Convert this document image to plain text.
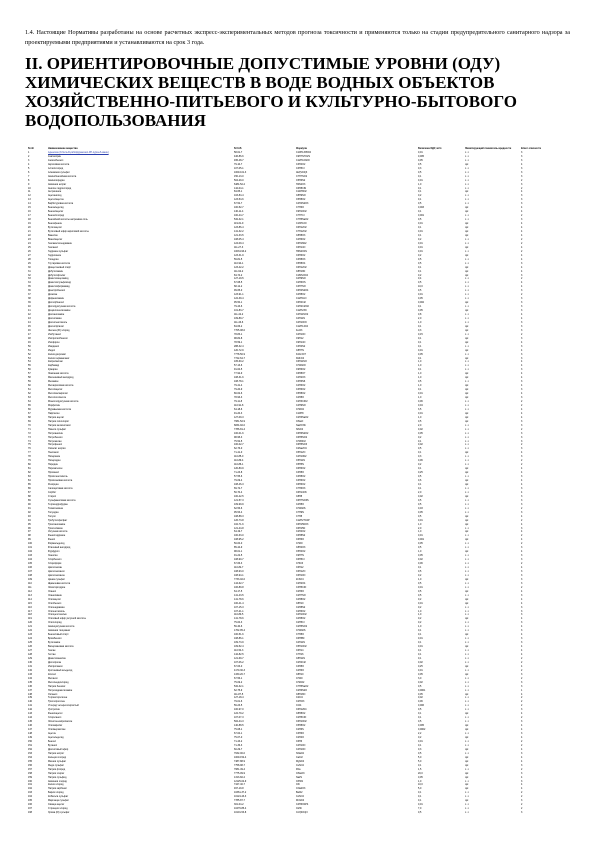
1.4. Настоящие Нормативы разработаны на основе расчетных экспресс-экспериментальных методов прогноза токсичности и применяются только на стадии предупредительного санитарного надзора за проектируемыми предприятиями и устанавливаются на срок 3 года.

II. ОРИЕНТИРОВОЧНЫЕ ДОПУСТИМЫЕ УРОВНИ (ОДУ) ХИМИЧЕСКИХ ВЕЩЕСТВ В ВОДЕ ВОДНЫХ ОБЪЕКТОВ ХОЗЯЙСТВЕННО-ПИТЬЕВОГО И КУЛЬТУРНО-БЫТОВОГО ВОДОПОЛЬЗОВАНИЯ
N п/п	Наименование вещества	N CAS	Формула	Величина ОДУ, мг/л	Лимитирующий показатель вредности	Класс опасности
1	Аденозин (9-бета-D-рибофуранозил-9H-пурин-6-амин)	58-61-7	C10H13N5O4	0,01	с.-т.	3
2	Азатиоприн	446-86-6	C9H7N7O2S	0,005	с.-т.	3
3	Азоксибензол	495-48-7	C12H10N2O	0,05	с.-т.	3
4	Акриловая кислота	79-10-7	C3H4O2	0,5	орг.	4
5	Аллилхлорид	107-05-1	C3H5Cl	0,3	с.-т.	3
6	Алюминия сульфат	10043-01-3	Al2(SO4)3	0,5	с.-т.	3
7	Аминобензойная кислота	150-13-0	C7H7NO2	0,1	с.-т.	3
8	Аминопиридин	504-29-0	C5H6N2	0,01	с.-т.	2
9	Аммония нитрат	6484-52-2	H4N2O3	1,0	с.-т.	3
10	Анилин гидрохлорид	142-04-1	C6H8ClN	0,1	с.-т.	2
11	Антрахинон	84-65-1	C14H8O2	0,1	орг.	4
12	Ацетанилид	103-84-4	C8H9NO	0,2	с.-т.	3
13	Ацетилацетон	123-54-6	C5H8O2	0,1	с.-т.	3
14	Барбитуровая кислота	67-52-7	C4H4N2O3	0,5	с.-т.	3
15	Бензальдегид	100-52-7	C7H6O	0,003	орг.	4
16	Бензилацетат	140-11-4	C9H10O2	0,1	орг.	4
17	Бензилхлорид	100-44-7	C7H7Cl	0,001	с.-т.	2
18	Бензойной кислоты натриевая соль	532-32-1	C7H5NaO2	0,5	с.-т.	3
19	Бензофенон	119-61-9	C13H10O	0,01	орг.	4
20	Бутилацетат	123-86-4	C6H12O2	0,1	орг.	4
21	Бутиловый эфир акриловой кислоты	141-32-2	C7H12O2	0,01	орг.	4
22	Ванилин	121-33-5	C8H8O3	0,1	орг.	4
23	Винилацетат	108-05-4	C4H6O2	0,2	с.-т.	2
24	Гексаметилендиамин	124-09-4	C6H16N2	0,01	с.-т.	2
25	Гексанол	111-27-3	C6H14O	0,01	орг.	4
26	Гидразин сульфат	10034-93-2	H6N2O4S	0,01	с.-т.	2
27	Гидрохинон	123-31-9	C6H6O2	0,2	орг.	4
28	Глицерин	56-81-5	C3H8O3	0,5	с.-т.	4
29	Глутаровая кислота	110-94-1	C5H8O4	0,5	с.-т.	3
30	Диацетоновый спирт	123-42-2	C6H12O2	0,1	орг.	4
31	Дибутиламин	111-92-2	C8H19N	0,1	орг.	4
32	Дибутилфталат	84-74-2	C16H22O4	0,2	орг.	3
33	Диметилацетамид	127-19-5	C4H9NO	0,4	с.-т.	2
34	Диметилсульфоксид	67-68-5	C2H6OS	0,5	с.-т.	4
35	Диметилформамид	68-12-2	C3H7NO	10,0	с.-т.	4
36	Динитробензол	99-65-0	C6H4N2O4	0,5	с.-т.	3
37	Диоксан	123-91-1	C4H8O2	0,01	с.-т.	2
38	Дифениламин	122-39-4	C12H11N	0,05	с.-т.	3
39	Дихлорбензол	95-50-1	C6H4Cl2	0,002	орг.	3
40	Дихлоруксусная кислота	79-43-6	C2H2Cl2O2	0,1	с.-т.	3
41	Дициклогексиламин	101-83-7	C12H23N	0,05	орг.	3
42	Диэтаноламин	111-42-2	C4H11NO2	0,8	с.-т.	4
43	Диэтиламин	109-89-7	C4H11N	2,0	с.-т.	4
44	Диэтиленгликоль	111-46-6	C4H10O3	1,0	с.-т.	3
45	Диэтилфталат	84-66-2	C12H14O4	0,1	орг.	3
46	Железа (III) хлорид	7705-08-0	FeCl3	0,3	орг.	3
47	Изобутанол	78-83-1	C4H10O	0,15	с.-т.	2
48	Изопропилбензол	98-82-8	C9H12	0,1	орг.	3
49	Изофорон	78-59-1	C9H14O	0,1	орг.	4
50	Имидазол	288-32-4	C3H4N2	0,1	с.-т.	3
51	Индол	120-72-9	C8H7N	0,01	орг.	4
52	Калия дихромат	7778-50-9	K2Cr2O7	0,05	с.-т.	3
53	Калия перманганат	7722-64-7	KMnO4	0,1	орг.	3
54	Капролактам	105-60-2	C6H11NO	1,0	с.-т.	4
55	Карбамид	57-13-6	CH4N2O	1,0	с.-т.	4
56	Кумарин	91-64-5	C9H6O2	0,1	с.-т.	3
57	Лимонная кислота	77-92-9	C6H8O7	1,0	орг.	4
58	Малеиновый ангидрид	108-31-6	C4H2O3	1,0	орг.	4
59	Меламин	108-78-1	C3H6N6	0,5	с.-т.	3
60	Метакриловая кислота	79-41-4	C4H6O2	1,0	орг.	4
61	Метилацетат	79-20-9	C3H6O2	0,1	орг.	3
62	Метилметакрилат	80-62-6	C5H8O2	0,01	орг.	4
63	Метилэтилкетон	78-93-3	C4H8O	1,0	орг.	3
64	Монохлоруксусная кислота	79-11-8	C2H3ClO2	0,06	с.-т.	2
65	Морфолин	110-91-8	C4H9NO	0,04	с.-т.	2
66	Муравьиная кислота	64-18-6	CH2O2	3,5	с.-т.	4
67	Нафталин	91-20-3	C10H8	0,01	орг.	4
68	Натрия ацетат	127-09-3	C2H3NaO2	1,0	орг.	4
69	Натрия гипохлорит	7681-52-9	ClNaO	0,5	орг.	3
70	Натрия метасиликат	6834-92-0	Na2O3Si	2,0	с.-т.	3
71	Никеля сульфат	7786-81-4	NiSO4	0,02	с.-т.	2
72	Нитроанилин	100-01-6	C6H6N2O2	0,05	с.-т.	3
73	Нитробензол	98-95-3	C6H5NO2	0,2	с.-т.	3
74	Нитрометан	75-52-5	CH3NO2	0,1	с.-т.	3
75	Нитрофенол	100-02-7	C6H5NO3	0,02	с.-т.	2
76	Оксалат натрия	62-76-0	C2Na2O4	0,5	с.-т.	3
77	Пентанол	71-41-0	C5H12O	0,1	орг.	4
78	Пиперазин	110-85-0	C4H10N2	0,3	с.-т.	3
79	Пиперидин	110-89-4	C5H11N	0,06	с.-т.	2
80	Пиридин	110-86-1	C5H5N	0,2	с.-т.	2
81	Пирокатехин	120-80-9	C6H6O2	0,1	орг.	4
82	Пропанол	71-23-8	C3H8O	0,25	орг.	4
83	Пропиленгликоль	57-55-6	C3H8O2	0,5	с.-т.	3
84	Пропионовая кислота	79-09-4	C3H6O2	0,6	орг.	4
85	Резорцин	108-46-3	C6H6O2	0,1	орг.	4
86	Салициловая кислота	69-72-7	C7H6O3	0,1	с.-т.	3
87	Сорбит	50-70-4	C6H14O6	2,0	с.-т.	4
88	Стирол	100-42-5	C8H8	0,02	орг.	3
89	Сульфаниловая кислота	121-57-3	C6H7NO3S	0,5	с.-т.	3
90	Тетрагидрофуран	109-99-9	C4H8O	0,5	с.-т.	3
91	Тиомочевина	62-56-6	CH4N2S	0,03	с.-т.	2
92	Толуидин	95-53-4	C7H9N	0,05	с.-т.	3
93	Толуол	108-88-3	C7H8	0,5	орг.	4
94	Трибутилфосфат	126-73-8	C12H27O4P	0,01	орг.	2
95	Триэтаноламин	102-71-6	C6H15NO3	1,0	орг.	4
96	Триэтиламин	121-44-8	C6H15N	2,0	с.-т.	3
97	Уксусная кислота	64-19-7	C2H4O2	1,0	орг.	4
98	Фенилгидразин	100-63-0	C6H8N2	0,01	с.-т.	2
99	Фенол	108-95-2	C6H6O	0,001	орг.	4
100	Формальдегид	50-00-0	CH2O	0,05	с.-т.	2
101	Фталевый ангидрид	85-44-9	C8H4O3	0,5	с.-т.	3
102	Фурфурол	98-01-1	C5H4O2	1,0	орг.	4
103	Хинолин	91-22-5	C9H7N	0,05	с.-т.	3
104	Хлорбензол	108-90-7	C6H5Cl	0,02	с.-т.	3
105	Хлороформ	67-66-3	CHCl3	0,06	с.-т.	2
106	Циклогексан	110-82-7	C6H12	0,1	с.-т.	4
107	Циклогексанол	108-93-0	C6H12O	0,5	с.-т.	3
108	Циклогексанон	108-94-1	C6H10O	0,2	с.-т.	3
109	Цинка сульфат	7733-02-0	ZnSO4	1,0	орг.	3
110	Щавелевая кислота	144-62-7	C2H2O4	0,5	с.-т.	3
111	Эпихлоргидрин	106-89-8	C3H5ClO	0,01	с.-т.	2
112	Этанол	64-17-5	C2H6O	0,5	орг.	4
113	Этаноламин	141-43-5	C2H7NO	0,5	с.-т.	3
114	Этилацетат	141-78-6	C4H8O2	0,2	орг.	4
115	Этилбензол	100-41-4	C8H10	0,01	орг.	4
116	Этилендиамин	107-15-3	C2H8N2	0,2	с.-т.	3
117	Этиленгликоль	107-21-1	C2H6O2	1,0	с.-т.	3
118	Этилцеллозольв	110-80-5	C4H10O2	1,0	с.-т.	3
119	Этиловый эфир уксусной кислоты	141-78-6	C4H8O2	0,2	орг.	4
120	Этилхлорид	75-00-3	C2H5Cl	0,2	с.-т.	3
121	Аминоуксусная кислота	56-40-6	C2H5NO2	1,0	с.-т.	4
122	Аммония тиоцианат	1762-95-4	CH4N2S	0,1	с.-т.	3
123	Бензиловый спирт	100-51-6	C7H8O	0,1	орг.	4
124	Бромбензол	108-86-1	C6H5Br	0,01	с.-т.	3
125	Бутиламин	109-73-9	C4H11N	0,1	с.-т.	3
126	Валериановая кислота	109-52-4	C5H10O2	0,01	орг.	4
127	Гексан	110-54-3	C6H14	0,1	с.-т.	4
128	Гептан	142-82-5	C7H16	0,1	с.-т.	4
129	Диметиланилин	121-69-7	C8H11N	0,1	с.-т.	2
130	Дихлорэтан	107-06-2	C2H4Cl2	0,02	с.-т.	2
131	Изопропанол	67-63-0	C3H8O	0,25	орг.	4
132	Кротоновый альдегид	4170-30-3	C4H6O	0,01	с.-т.	2
133	Ксилол	1330-20-7	C8H10	0,05	орг.	3
134	Метанол	67-56-1	CH4O	3,0	с.-т.	2
135	Метилендихлорид	75-09-2	CH2Cl2	0,02	с.-т.	3
136	Натрия бензоат	532-32-1	C7H5NaO2	0,5	с.-т.	3
137	Нитрозодиметиламин	62-75-9	C2H6N2O	0,0001	с.-т.	1
138	Октанол	111-87-5	C8H18O	0,05	орг.	4
139	Тетрахлорэтилен	127-18-4	C2Cl4	0,02	с.-т.	2
140	Трихлорэтилен	79-01-6	C2HCl3	0,06	с.-т.	2
141	Углерод четыреххлористый	56-23-5	CCl4	0,006	с.-т.	2
142	Уротропин	100-97-0	C6H12N4	0,5	с.-т.	3
143	Фенилацетат	122-79-2	C8H8O2	0,1	орг.	4
144	Хлорэтанол	107-07-3	C2H5ClO	0,1	с.-т.	2
145	Эпсилон-капролактон	502-44-3	C6H10O2	0,5	с.-т.	3
146	Этилакрилат	140-88-5	C5H8O2	0,005	орг.	4
147	Этилмеркаптан	75-08-1	C2H6S	0,0002	орг.	4
148	Ацетон	67-64-1	C3H6O	2,2	с.-т.	3
149	Ацетальдегид	75-07-0	C2H4O	0,2	орг.	4
150	Бензол	71-43-2	C6H6	0,01	с.-т.	2
151	Бутанол	71-36-3	C4H10O	0,1	с.-т.	2
152	Диэтиловый эфир	60-29-7	C4H10O	0,3	орг.	4
153	Натрия нитрит	7632-00-0	NNaO2	0,5	с.-т.	3
154	Кальция хлорид	10043-52-4	CaCl2	5,0	орг.	4
155	Магния сульфат	7487-88-9	MgSO4	5,0	орг.	4
156	Меди сульфат	7758-98-7	CuSO4	0,1	орг.	3
157	Натрия фторид	7681-49-4	FNa	1,5	с.-т.	2
158	Натрия хлорат	7775-09-9	ClNaO3	20,0	орг.	3
159	Натрия сульфид	1313-82-2	Na2S	0,05	орг.	4
160	Аммония хлорид	12125-02-9	ClH4N	1,0	с.-т.	3
161	Калия хлорид	7447-40-7	ClK	10,0	орг.	4
162	Натрия карбонат	497-19-8	CNa2O3	5,0	орг.	4
163	Бария хлорид	10361-37-2	BaCl2	0,1	с.-т.	2
164	Кобальта сульфат	10124-43-3	CoSO4	0,1	с.-т.	2
165	Марганца сульфат	7785-87-7	MnSO4	0,1	орг.	3
166	Свинца ацетат	301-04-2	C4H6O4Pb	0,01	с.-т.	2
167	Стронция хлорид	10476-85-4	Cl2Sr	7,0	с.-т.	2
168	Хрома (III) сульфат	10101-53-8	Cr2(SO4)3	0,5	с.-т.	3
